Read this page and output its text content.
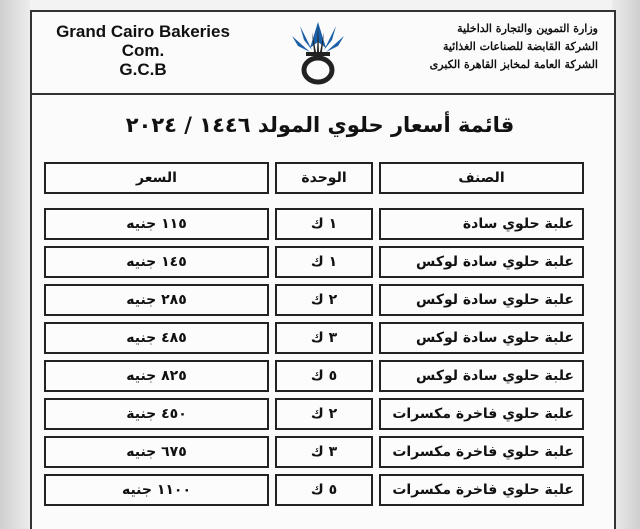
Grand Cairo Bakeries
Com.
G.C.B
وزارة التموين والتجارة الداخلية
الشركة القابضة للصناعات الغذائية
الشركة العامة لمخابز القاهرة الكبرى
قائمة أسعار حلوي المولد ١٤٤٦ / ٢٠٢٤
الصنف
الوحدة
السعر
علبة حلوي سادة
١ ك
١١٥ جنيه
علبة حلوي سادة لوكس
١ ك
١٤٥ جنيه
علبة حلوي سادة لوكس
٢ ك
٢٨٥ جنيه
علبة حلوي سادة لوكس
٣ ك
٤٨٥ جنيه
علبة حلوي سادة لوكس
٥ ك
٨٢٥ جنيه
علبة حلوي فاخرة مكسرات
٢ ك
٤٥٠ جنية
علبة حلوي فاخرة مكسرات
٣ ك
٦٧٥ جنيه
علبة حلوي فاخرة مكسرات
٥ ك
١١٠٠ جنيه
